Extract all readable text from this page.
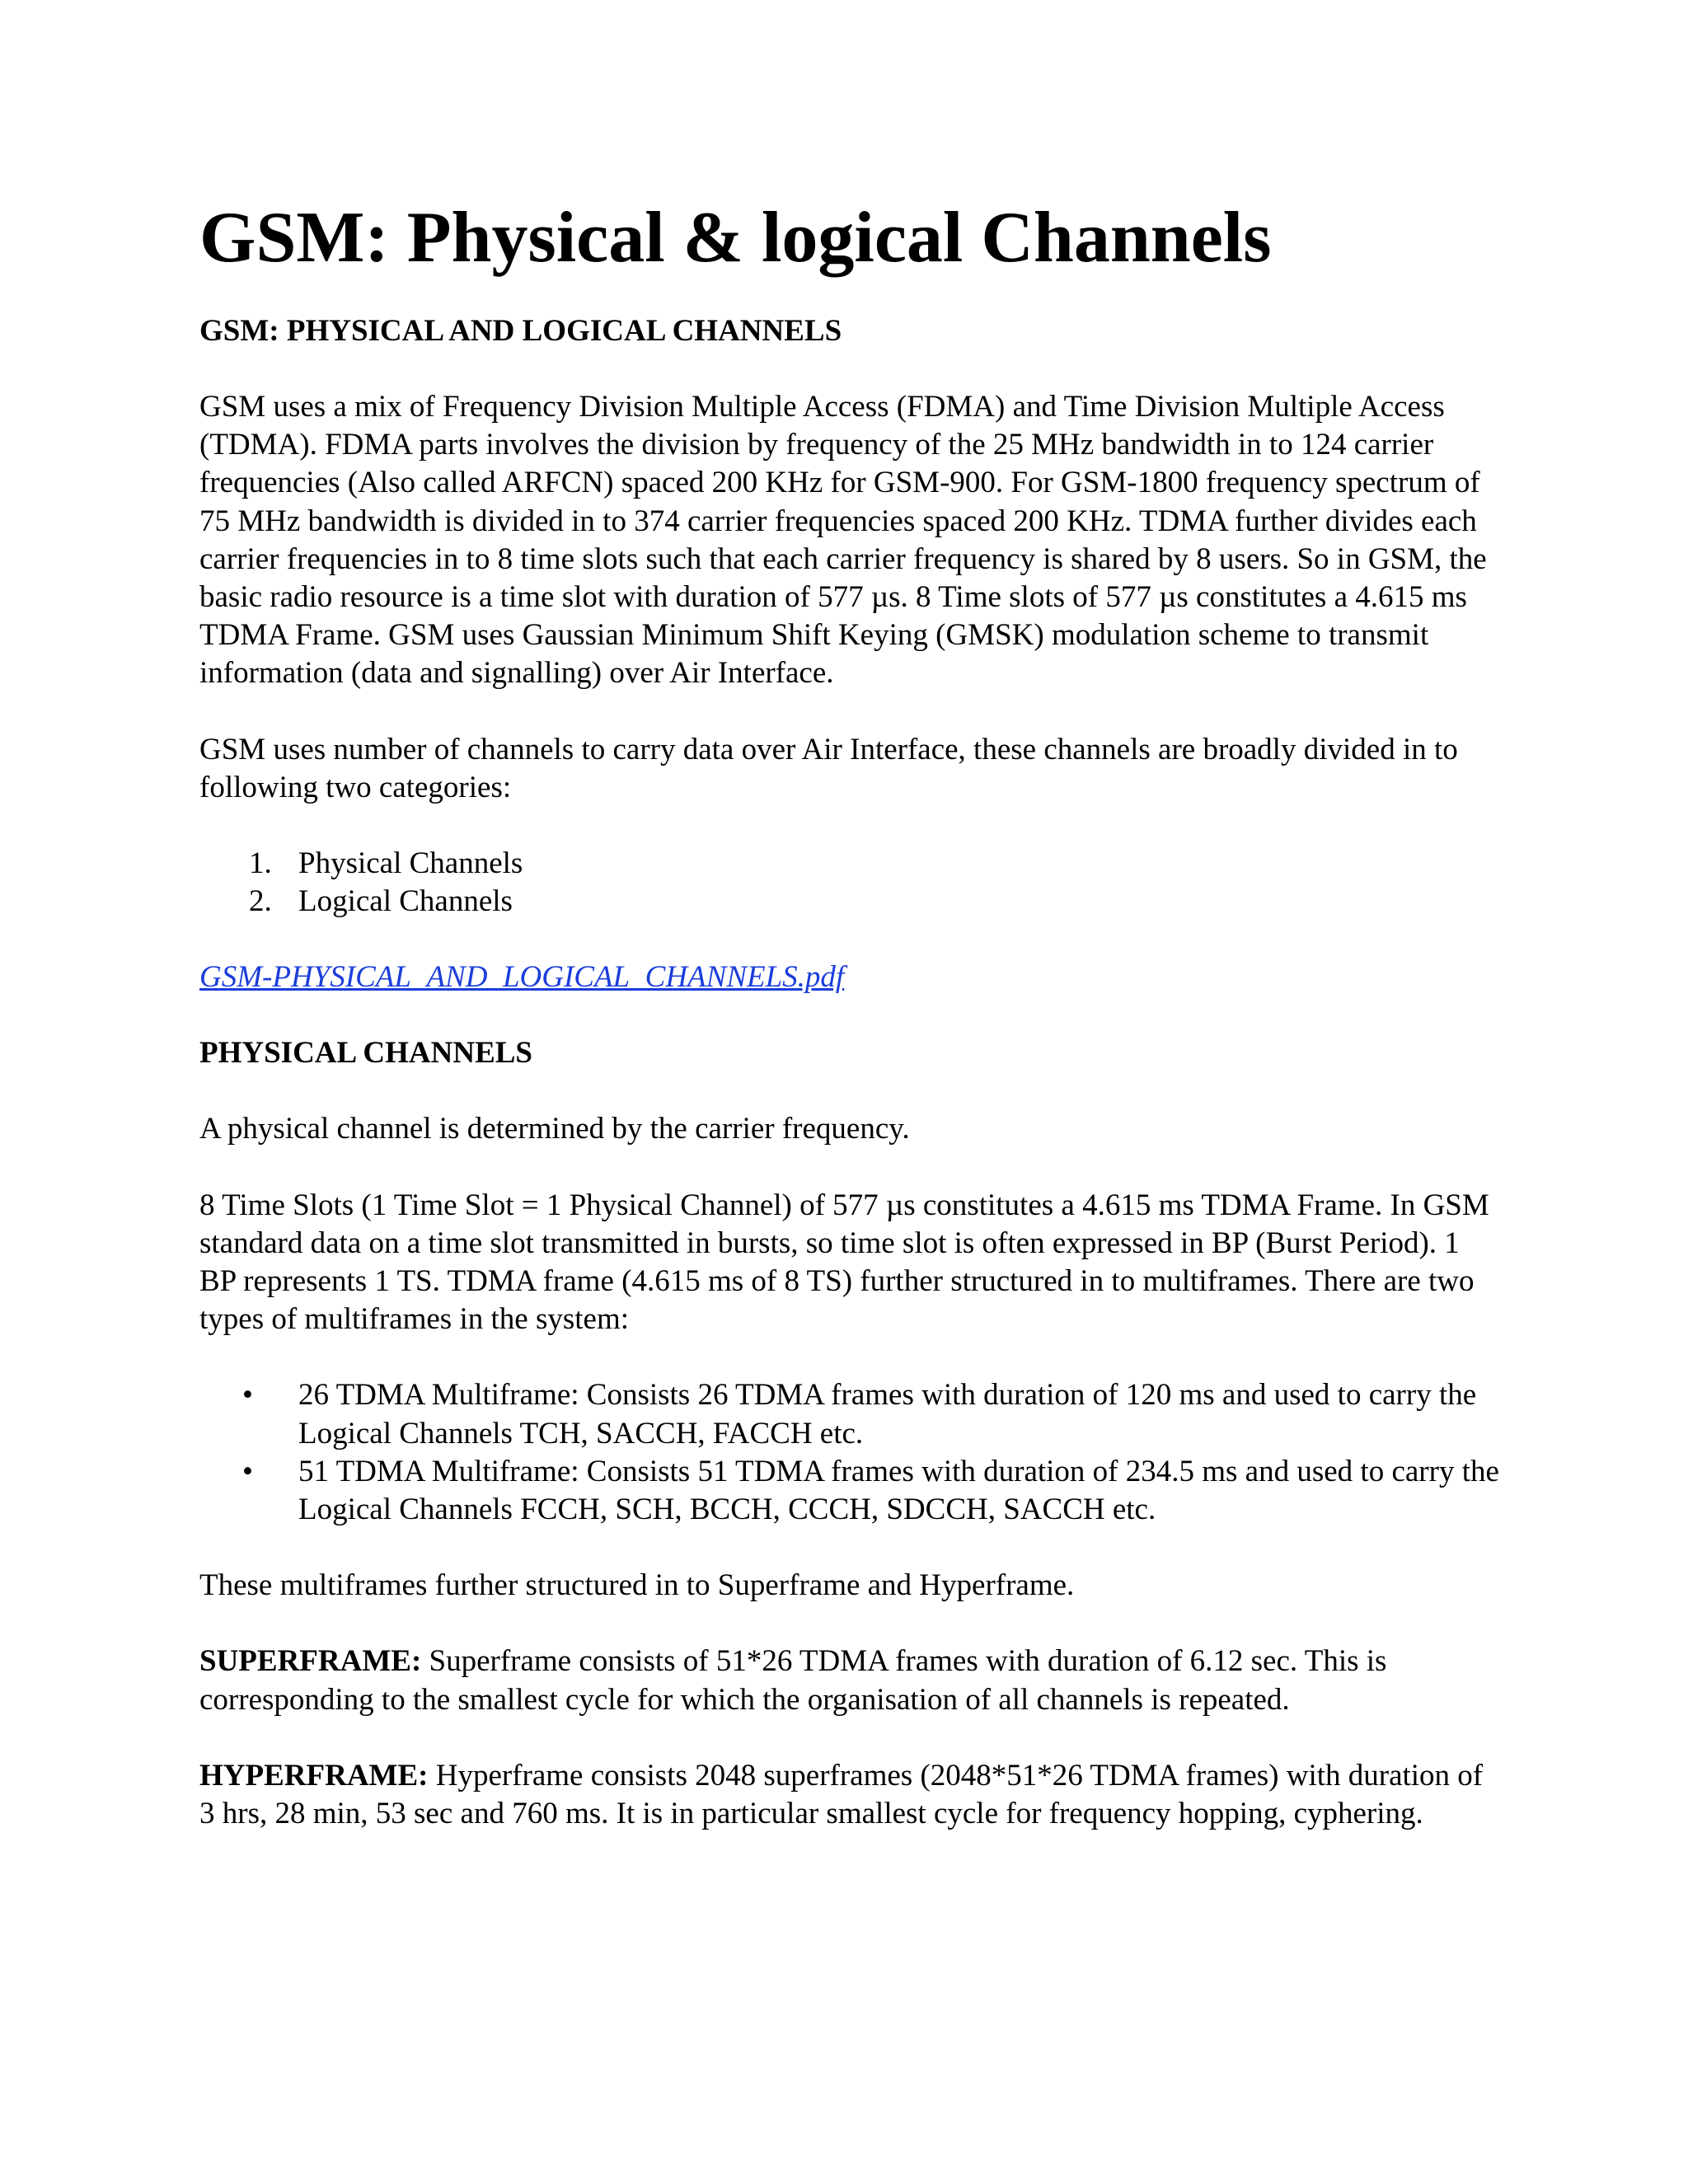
GSM: Physical & logical Channels
GSM: PHYSICAL AND LOGICAL CHANNELS

GSM uses a mix of Frequency Division Multiple Access (FDMA) and Time Division Multiple Access (TDMA). FDMA parts involves the division by frequency of the 25 MHz bandwidth in to 124 carrier frequencies (Also called ARFCN) spaced 200 KHz for GSM-900. For GSM-1800 frequency spectrum of 75 MHz bandwidth is divided in to 374 carrier frequencies spaced 200 KHz. TDMA further divides each carrier frequencies in to 8 time slots such that each carrier frequency is shared by 8 users. So in GSM, the basic radio resource is a time slot with duration of 577 µs. 8 Time slots of 577 µs constitutes a 4.615 ms TDMA Frame. GSM uses Gaussian Minimum Shift Keying (GMSK) modulation scheme to transmit information (data and signalling) over Air Interface.

GSM uses number of channels to carry data over Air Interface, these channels are broadly divided in to following two categories:

1. Physical Channels
2. Logical Channels
GSM-PHYSICAL_AND_LOGICAL_CHANNELS.pdf
PHYSICAL CHANNELS

A physical channel is determined by the carrier frequency.

8 Time Slots (1 Time Slot = 1 Physical Channel) of 577 µs constitutes a 4.615 ms TDMA Frame. In GSM standard data on a time slot transmitted in bursts, so time slot is often expressed in BP (Burst Period). 1 BP represents 1 TS. TDMA frame (4.615 ms of 8 TS) further structured in to multiframes. There are two types of multiframes in the system:

• 26 TDMA Multiframe: Consists 26 TDMA frames with duration of 120 ms and used to carry the Logical Channels TCH, SACCH, FACCH etc.
• 51 TDMA Multiframe: Consists 51 TDMA frames with duration of 234.5 ms and used to carry the Logical Channels FCCH, SCH, BCCH, CCCH, SDCCH, SACCH etc.

These multiframes further structured in to Superframe and Hyperframe.

SUPERFRAME: Superframe consists of 51*26 TDMA frames with duration of 6.12 sec. This is corresponding to the smallest cycle for which the organisation of all channels is repeated.

HYPERFRAME: Hyperframe consists 2048 superframes (2048*51*26 TDMA frames) with duration of 3 hrs, 28 min, 53 sec and 760 ms. It is in particular smallest cycle for frequency hopping, cyphering.
